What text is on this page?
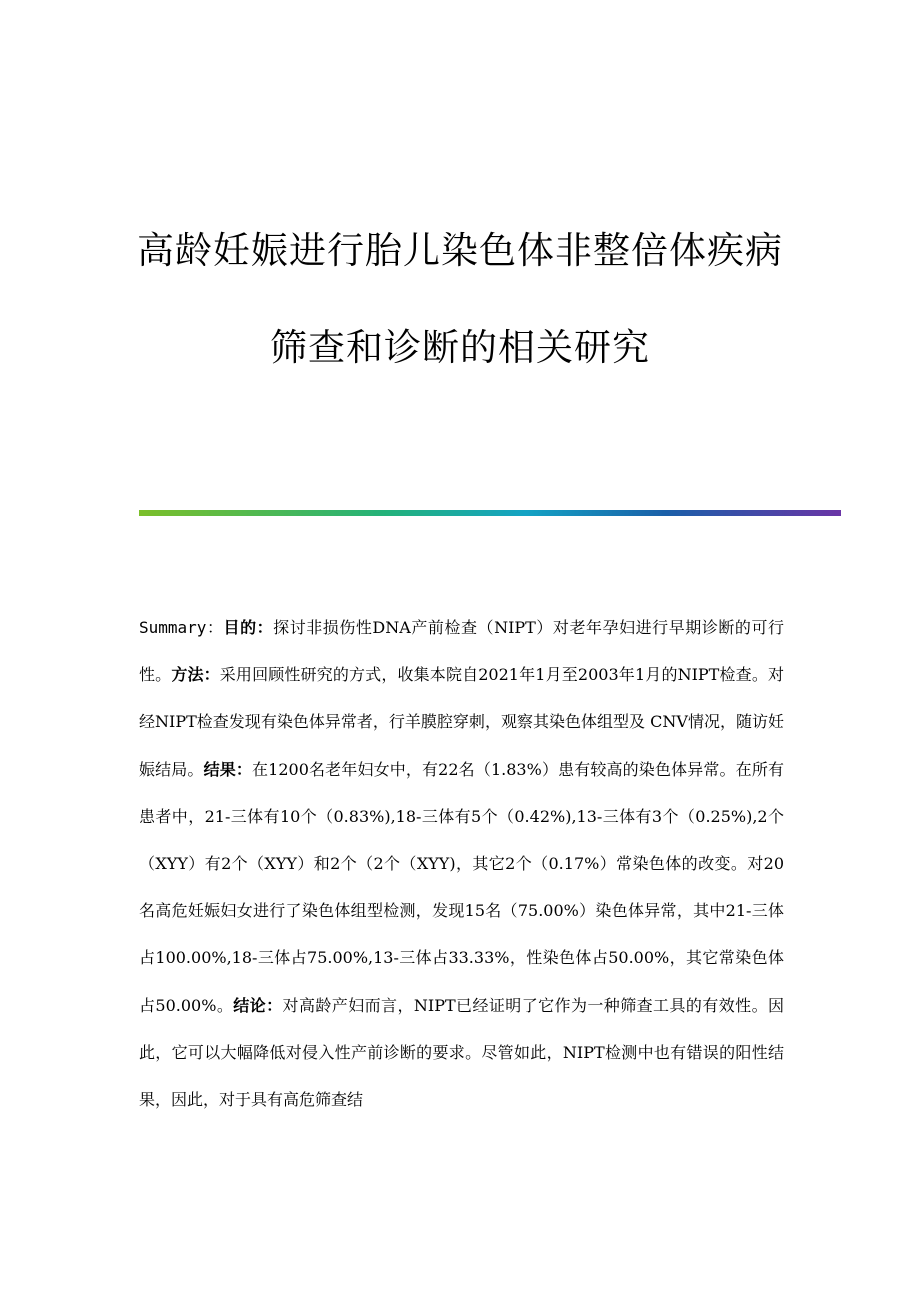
高龄妊娠进行胎儿染色体非整倍体疾病
筛查和诊断的相关研究
Summary：目的：探讨非损伤性DNA产前检查（NIPT）对老年孕妇进行早期诊断的可行性。方法：采用回顾性研究的方式，收集本院自2021年1月至2003年1月的NIPT检查。对经NIPT检查发现有染色体异常者，行羊膜腔穿刺，观察其染色体组型及 CNV情况，随访妊娠结局。结果：在1200名老年妇女中，有22名（1.83%）患有较高的染色体异常。在所有患者中，21-三体有10个（0.83%),18-三体有5个（0.42%),13-三体有3个（0.25%),2个（XYY）有2个（XYY）和2个（2个（XYY)，其它2个（0.17%）常染色体的改变。对20名高危妊娠妇女进行了染色体组型检测，发现15名（75.00%）染色体异常，其中21-三体占100.00%,18-三体占75.00%,13-三体占33.33%，性染色体占50.00%，其它常染色体占50.00%。结论：对高龄产妇而言，NIPT已经证明了它作为一种筛查工具的有效性。因此，它可以大幅降低对侵入性产前诊断的要求。尽管如此，NIPT检测中也有错误的阳性结果，因此，对于具有高危筛查结
